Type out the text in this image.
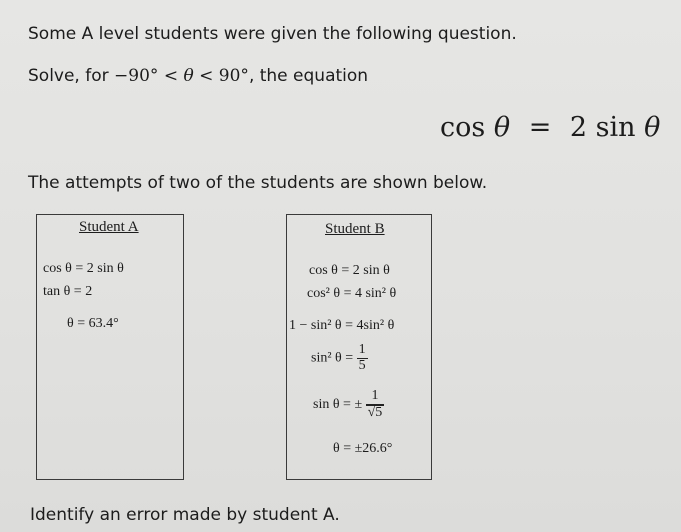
Some A level students were given the following question.
Solve, for −90° < θ < 90°, the equation
cos θ = 2 sin θ
The attempts of two of the students are shown below.
Student A
cos θ = 2 sin θ
tan θ = 2
θ = 63.4°
Student B
cos θ = 2 sin θ
cos² θ = 4 sin² θ
1 − sin² θ = 4sin² θ
sin² $\theta = \frac{1}{5}$
sin θ = ± $\frac{1}{√5}$
θ = ±26.6°
Identify an error made by student A.
